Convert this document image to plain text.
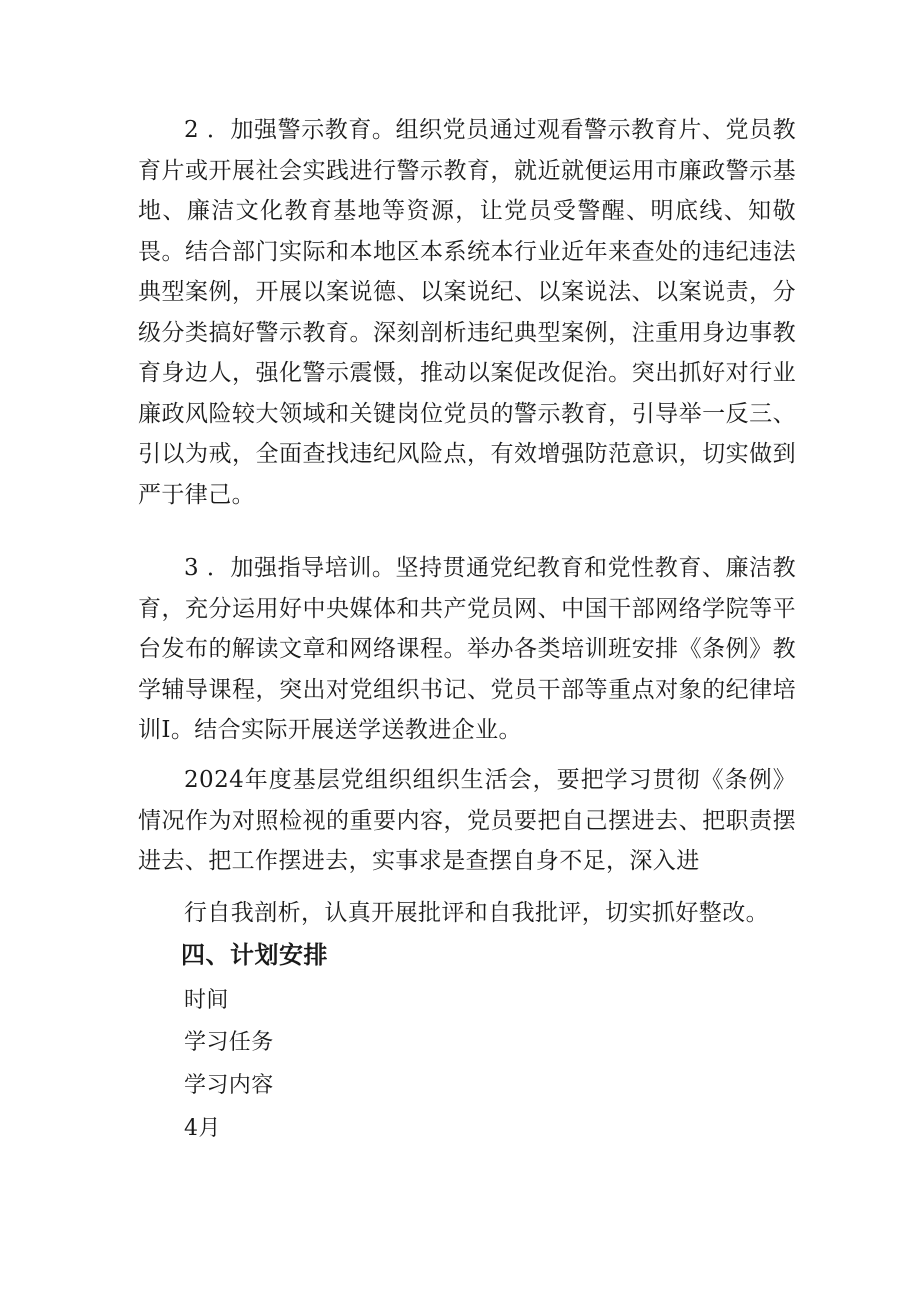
2 ．加强警示教育。组织党员通过观看警示教育片、党员教育片或开展社会实践进行警示教育，就近就便运用市廉政警示基地、廉洁文化教育基地等资源，让党员受警醒、明底线、知敬畏。结合部门实际和本地区本系统本行业近年来查处的违纪违法典型案例，开展以案说德、以案说纪、以案说法、以案说责，分级分类搞好警示教育。深刻剖析违纪典型案例，注重用身边事教育身边人，强化警示震慑，推动以案促改促治。突出抓好对行业廉政风险较大领域和关键岗位党员的警示教育，引导举一反三、引以为戒，全面查找违纪风险点，有效增强防范意识，切实做到严于律己。

3 ．加强指导培训。坚持贯通党纪教育和党性教育、廉洁教育，充分运用好中央媒体和共产党员网、中国干部网络学院等平台发布的解读文章和网络课程。举办各类培训班安排《条例》教学辅导课程，突出对党组织书记、党员干部等重点对象的纪律培训I。结合实际开展送学送教进企业。

2024年度基层党组织组织生活会，要把学习贯彻《条例》情况作为对照检视的重要内容，党员要把自己摆进去、把职责摆进去、把工作摆进去，实事求是查摆自身不足，深入进

行自我剖析，认真开展批评和自我批评，切实抓好整改。

四、计划安排

时间

学习任务

学习内容

4月
